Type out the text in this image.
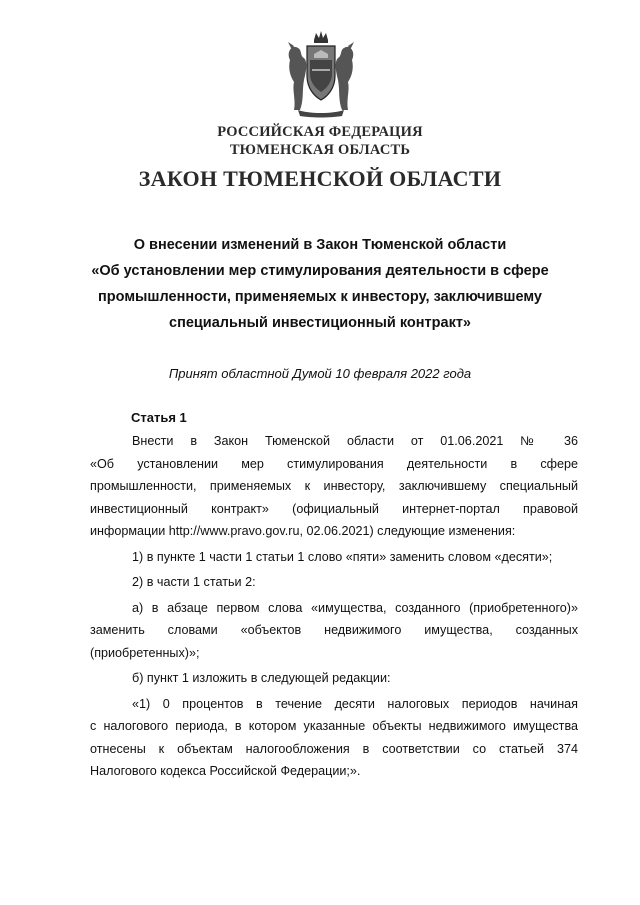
РОССИЙСКАЯ ФЕДЕРАЦИЯ
ТЮМЕНСКАЯ ОБЛАСТЬ
ЗАКОН ТЮМЕНСКОЙ ОБЛАСТИ
О внесении изменений в Закон Тюменской области
«Об установлении мер стимулирования деятельности в сфере
промышленности, применяемых к инвестору, заключившему
специальный инвестиционный контракт»
Принят областной Думой 10 февраля 2022 года
Статья 1
Внести в Закон Тюменской области от 01.06.2021 № 36
«Об установлении мер стимулирования деятельности в сфере
промышленности, применяемых к инвестору, заключившему специальный
инвестиционный контракт» (официальный интернет-портал правовой
информации http://www.pravo.gov.ru, 02.06.2021) следующие изменения:
1) в пункте 1 части 1 статьи 1 слово «пяти» заменить словом «десяти»;
2) в части 1 статьи 2:
а) в абзаце первом слова «имущества, созданного (приобретенного)»
заменить словами «объектов недвижимого имущества, созданных
(приобретенных)»;
б) пункт 1 изложить в следующей редакции:
«1) 0 процентов в течение десяти налоговых периодов начиная
с налогового периода, в котором указанные объекты недвижимого имущества
отнесены к объектам налогообложения в соответствии со статьей 374
Налогового кодекса Российской Федерации;».
